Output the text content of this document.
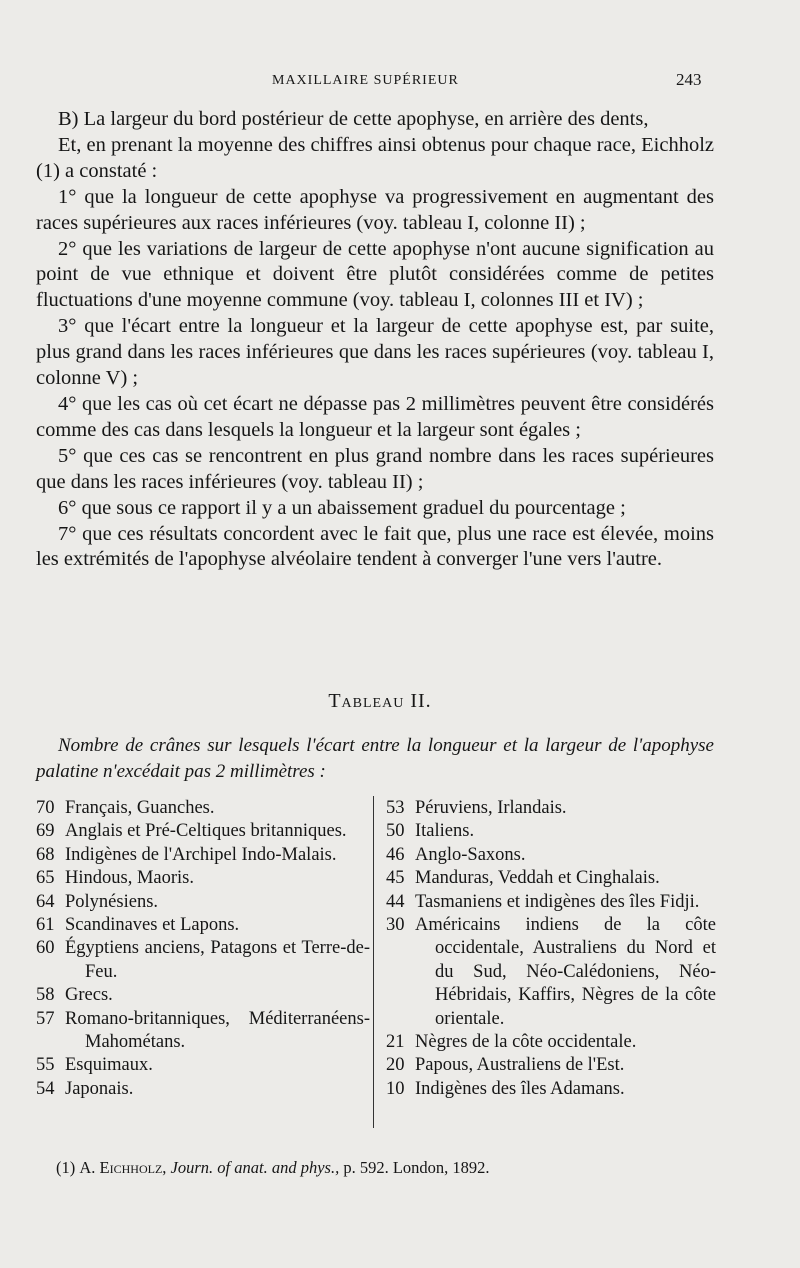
MAXILLAIRE SUPÉRIEUR	243

B) La largeur du bord postérieur de cette apophyse, en arrière des dents,

Et, en prenant la moyenne des chiffres ainsi obtenus pour chaque race, Eichholz (1) a constaté :

1° que la longueur de cette apophyse va progressivement en augmentant des races supérieures aux races inférieures (voy. tableau I, colonne II) ;

2° que les variations de largeur de cette apophyse n'ont aucune signification au point de vue ethnique et doivent être plutôt considérées comme de petites fluctuations d'une moyenne commune (voy. tableau I, colonnes III et IV) ;

3° que l'écart entre la longueur et la largeur de cette apophyse est, par suite, plus grand dans les races inférieures que dans les races supérieures (voy. tableau I, colonne V) ;

4° que les cas où cet écart ne dépasse pas 2 millimètres peuvent être considérés comme des cas dans lesquels la longueur et la largeur sont égales ;

5° que ces cas se rencontrent en plus grand nombre dans les races supérieures que dans les races inférieures (voy. tableau II) ;

6° que sous ce rapport il y a un abaissement graduel du pourcentage ;

7° que ces résultats concordent avec le fait que, plus une race est élevée, moins les extrémités de l'apophyse alvéolaire tendent à converger l'une vers l'autre.

Tableau II.
Nombre de crânes sur lesquels l'écart entre la longueur et la largeur de l'apophyse palatine n'excédait pas 2 millimètres :
70 Français, Guanches.
69 Anglais et Pré-Celtiques britanniques.
68 Indigènes de l'Archipel Indo-Malais.
65 Hindous, Maoris.
64 Polynésiens.
61 Scandinaves et Lapons.
60 Égyptiens anciens, Patagons et Terre-de-Feu.
58 Grecs.
57 Romano-britanniques, Méditerranéens-Mahométans.
55 Esquimaux.
54 Japonais.
53 Péruviens, Irlandais.
50 Italiens.
46 Anglo-Saxons.
45 Manduras, Veddah et Cinghalais.
44 Tasmaniens et indigènes des îles Fidji.
30 Américains indiens de la côte occidentale, Australiens du Nord et du Sud, Néo-Calédoniens, Néo-Hébridais, Kaffirs, Nègres de la côte orientale.
21 Nègres de la côte occidentale.
20 Papous, Australiens de l'Est.
10 Indigènes des îles Adamans.
(1) A. Eichholz, Journ. of anat. and phys., p. 592. London, 1892.
